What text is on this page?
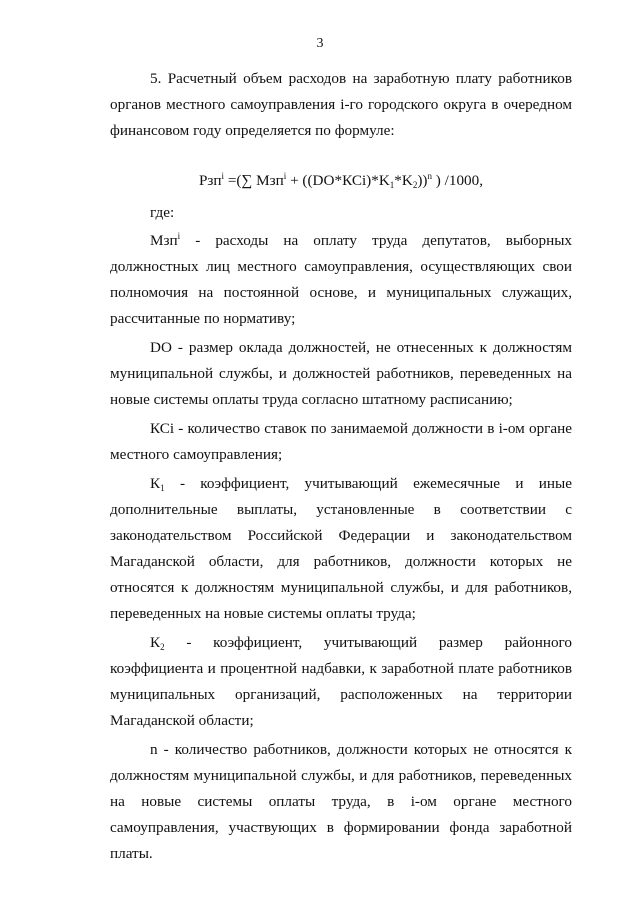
3

5. Расчетный объем расходов на заработную плату работников органов местного самоуправления i-го городского округа в очередном финансовом году определяется по формуле:

Рзп$^i$ =(∑ $Мзп^i + ((DO*КСi)*K_1*K_2))^n$ ) /1000,

где:

Мзп$^i$ - расходы на оплату труда депутатов, выборных должностных лиц местного самоуправления, осуществляющих свои полномочия на постоянной основе, и муниципальных служащих, рассчитанные по нормативу;

DO - размер оклада должностей, не отнесенных к должностям муниципальной службы, и должностей работников, переведенных на новые системы оплаты труда согласно штатному расписанию;

КСi - количество ставок по занимаемой должности в i-ом органе местного самоуправления;

$К_1$ - коэффициент, учитывающий ежемесячные и иные

дополнительные выплаты, установленные в соответствии с законодательством Российской Федерации и законодательством Магаданской области, для работников, должности которых не относятся к должностям муниципальной службы, и для работников, переведенных на новые системы оплаты труда;

$К_2$ - коэффициент, учитывающий размер районного коэффициента и процентной надбавки, к заработной плате работников муниципальных организаций, расположенных на территории Магаданской области;

n - количество работников, должности которых не относятся к должностям муниципальной службы, и для работников, переведенных на новые системы оплаты труда, в i-ом органе местного самоуправления, участвующих в формировании фонда заработной платы.
